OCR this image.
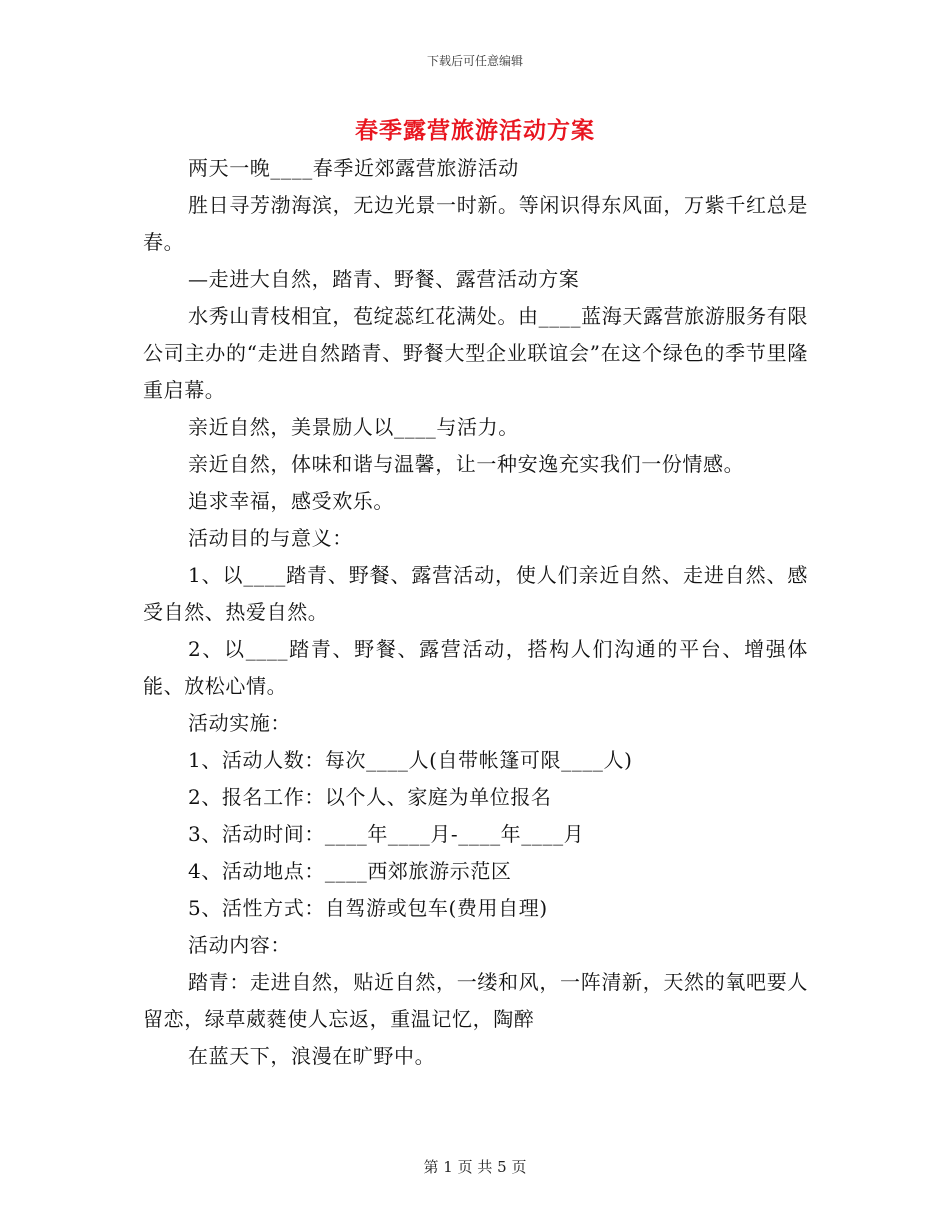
下载后可任意编辑
春季露营旅游活动方案

两天一晚____春季近郊露营旅游活动

胜日寻芳渤海滨，无边光景一时新。等闲识得东风面，万紫千红总是春。

—走进大自然，踏青、野餐、露营活动方案

水秀山青枝相宜，苞绽蕊红花满处。由____蓝海天露营旅游服务有限公司主办的“走进自然踏青、野餐大型企业联谊会”在这个绿色的季节里隆重启幕。

亲近自然，美景励人以____与活力。

亲近自然，体味和谐与温馨，让一种安逸充实我们一份情感。

追求幸福，感受欢乐。

活动目的与意义：

1、以____踏青、野餐、露营活动，使人们亲近自然、走进自然、感受自然、热爱自然。

2、以____踏青、野餐、露营活动，搭构人们沟通的平台、增强体能、放松心情。

活动实施：

1、活动人数：每次____人(自带帐篷可限____人)

2、报名工作：以个人、家庭为单位报名

3、活动时间：____年____月-____年____月

4、活动地点：____西郊旅游示范区

5、活性方式：自驾游或包车(费用自理)

活动内容：

踏青：走进自然，贴近自然，一缕和风，一阵清新，天然的氧吧要人留恋，绿草葳蕤使人忘返，重温记忆，陶醉

在蓝天下，浪漫在旷野中。

第 1 页 共 5 页
